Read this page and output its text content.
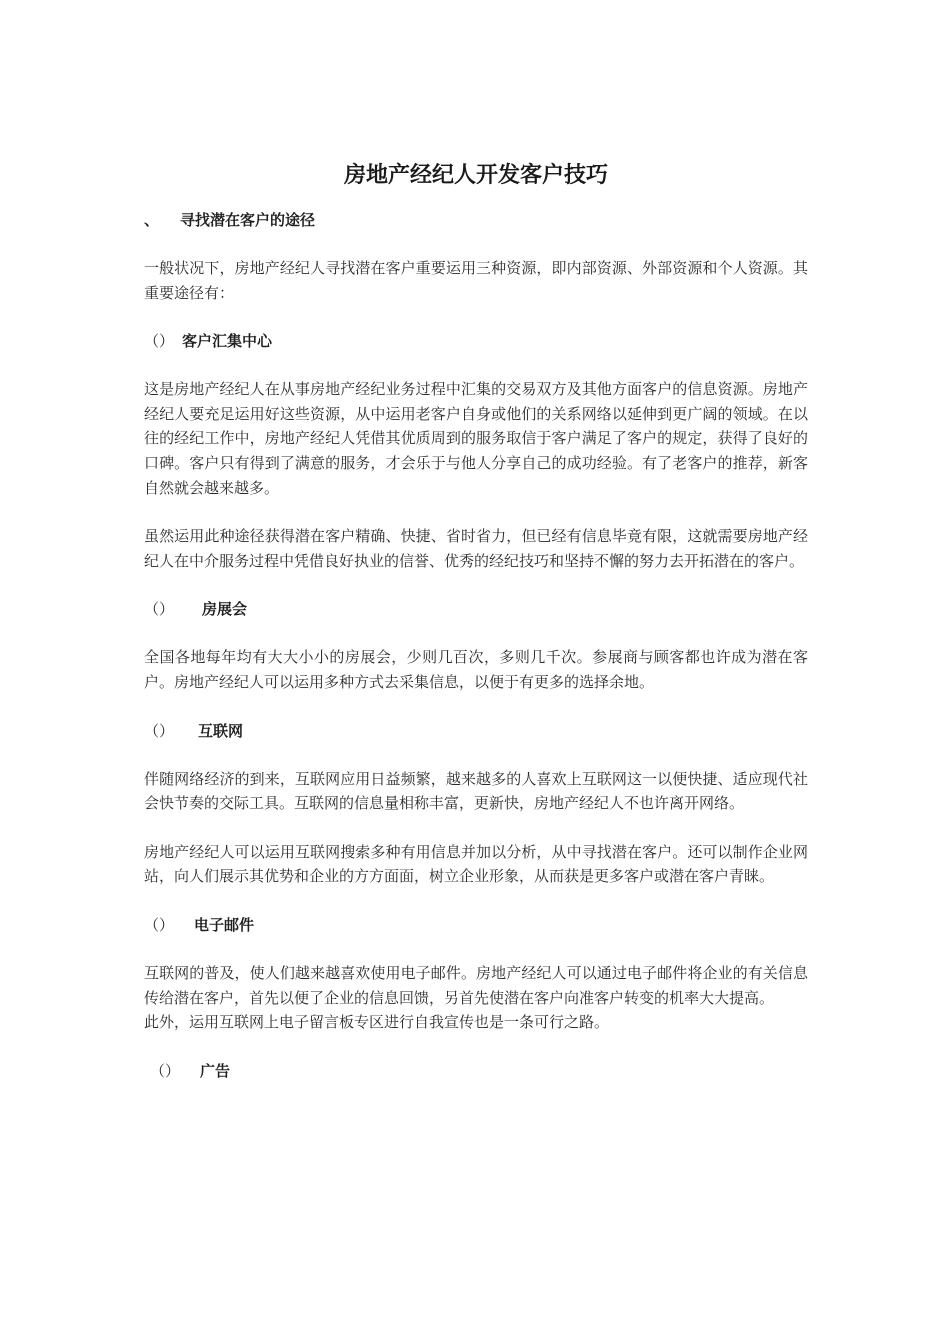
房地产经纪人开发客户技巧
、 寻找潜在客户的途径

一般状况下，房地产经纪人寻找潜在客户重要运用三种资源，即内部资源、外部资源和个人资源。其重要途径有：

（） 客户汇集中心

这是房地产经纪人在从事房地产经纪业务过程中汇集的交易双方及其他方面客户的信息资源。房地产经纪人要充足运用好这些资源，从中运用老客户自身或他们的关系网络以延伸到更广阔的领域。在以往的经纪工作中，房地产经纪人凭借其优质周到的服务取信于客户满足了客户的规定，获得了良好的口碑。客户只有得到了满意的服务，才会乐于与他人分享自己的成功经验。有了老客户的推荐，新客自然就会越来越多。

虽然运用此种途径获得潜在客户精确、快捷、省时省力，但已经有信息毕竟有限，这就需要房地产经纪人在中介服务过程中凭借良好执业的信誉、优秀的经纪技巧和坚持不懈的努力去开拓潜在的客户。

（） 房展会

全国各地每年均有大大小小的房展会，少则几百次，多则几千次。参展商与顾客都也许成为潜在客户。房地产经纪人可以运用多种方式去采集信息，以便于有更多的选择余地。

（） 互联网

伴随网络经济的到来，互联网应用日益频繁，越来越多的人喜欢上互联网这一以便快捷、适应现代社会快节奏的交际工具。互联网的信息量相称丰富，更新快，房地产经纪人不也许离开网络。

房地产经纪人可以运用互联网搜索多种有用信息并加以分析，从中寻找潜在客户。还可以制作企业网站，向人们展示其优势和企业的方方面面，树立企业形象，从而获是更多客户或潜在客户青睐。

（） 电子邮件

互联网的普及，使人们越来越喜欢使用电子邮件。房地产经纪人可以通过电子邮件将企业的有关信息传给潜在客户，首先以便了企业的信息回馈，另首先使潜在客户向准客户转变的机率大大提高。

此外，运用互联网上电子留言板专区进行自我宣传也是一条可行之路。

（） 广告
